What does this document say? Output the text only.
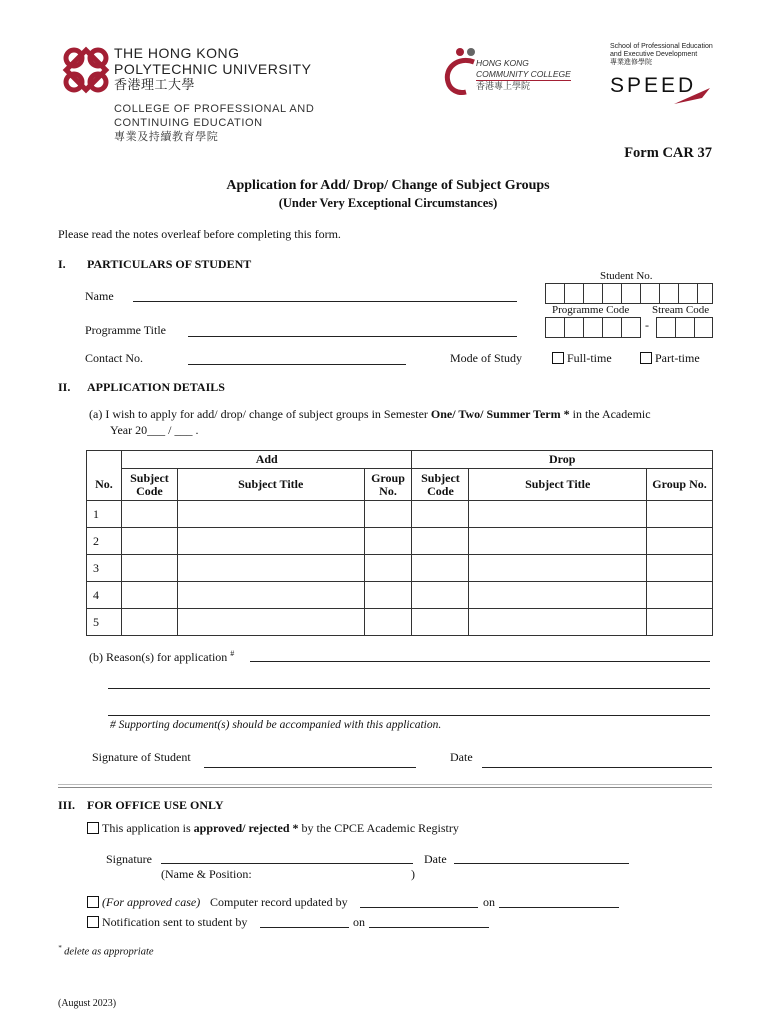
THE HONG KONG
POLYTECHNIC UNIVERSITY
香港理工大學
COLLEGE OF PROFESSIONAL AND
CONTINUING EDUCATION
專業及持續教育學院
HONG KONG
COMMUNITY COLLEGE
香港專上學院
School of Professional Education
and Executive Development
專業進修學院
SPEED
Form CAR 37
Application for Add/ Drop/ Change of Subject Groups
(Under Very Exceptional Circumstances)
Please read the notes overleaf before completing this form.
I. PARTICULARS OF STUDENT
Student No.
Name
Programme Code Stream Code
-
Programme Title
Contact No.	Mode of Study	Full-time	Part-time
II. APPLICATION DETAILS
(a) I wish to apply for add/ drop/ change of subject groups in Semester One/ Two/ Summer Term * in the Academic
Year 20___ / ___ .
	Add			Drop		
No.	Subject Code	Subject Title	Group No.	Subject Code	Subject Title	Group No.
1						
2						
3						
4						
5						
(b) Reason(s) for application #
# Supporting document(s) should be accompanied with this application.
Signature of Student	Date
III. FOR OFFICE USE ONLY
This application is approved/ rejected * by the CPCE Academic Registry
Signature	Date
(Name & Position:	)
(For approved case) Computer record updated by	on
Notification sent to student by	on
* delete as appropriate
(August 2023)
